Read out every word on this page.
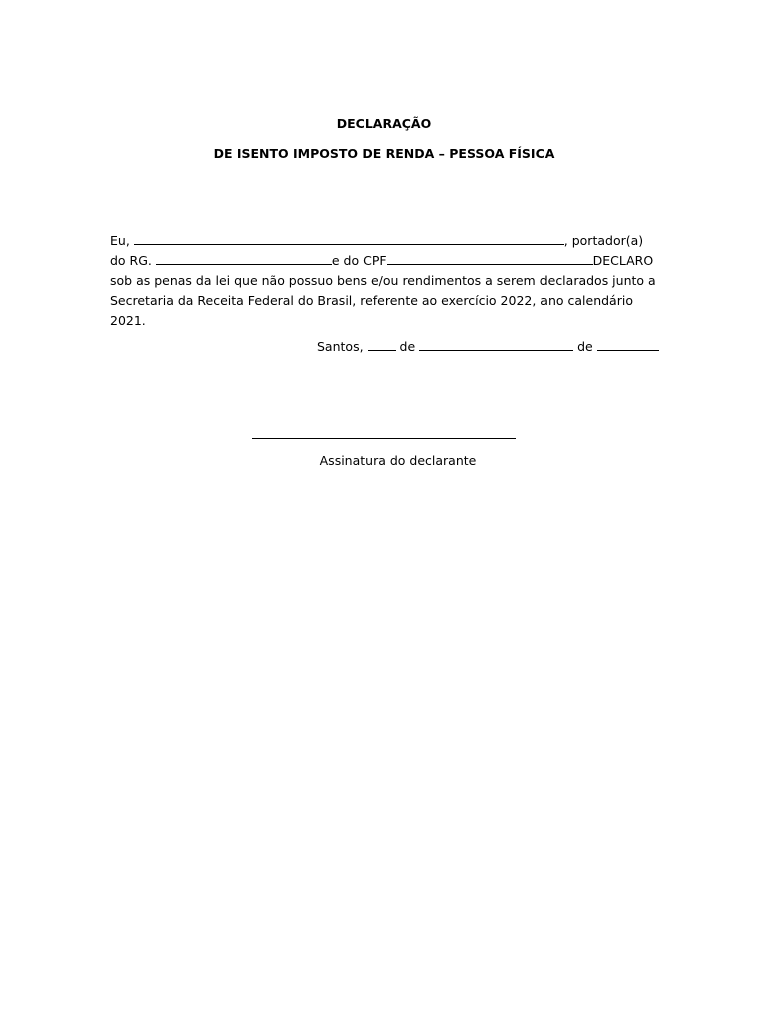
DECLARAÇÃO
DE ISENTO IMPOSTO DE RENDA – PESSOA FÍSICA
Eu,	, portador(a)
do RG.	e do CPF	DECLARO
sob as penas da lei que não possuo bens e/ou rendimentos a serem declarados junto a
Secretaria da Receita Federal do Brasil, referente ao exercício 2022, ano calendário
2021.
Santos,	de	de
Assinatura do declarante
